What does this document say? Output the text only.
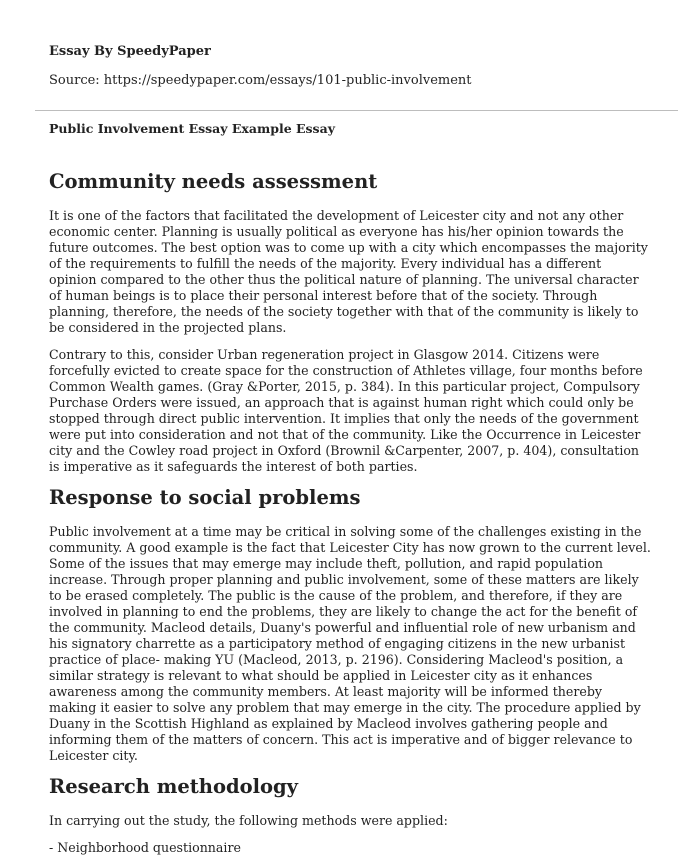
Essay By SpeedyPaper

Source: https://speedypaper.com/essays/101-public-involvement

Public Involvement Essay Example Essay

Community needs assessment

It is one of the factors that facilitated the development of Leicester city and not any other economic center. Planning is usually political as everyone has his/her opinion towards the future outcomes. The best option was to come up with a city which encompasses the majority of the requirements to fulfill the needs of the majority. Every individual has a different opinion compared to the other thus the political nature of planning. The universal character of human beings is to place their personal interest before that of the society. Through planning, therefore, the needs of the society together with that of the community is likely to be considered in the projected plans.

Contrary to this, consider Urban regeneration project in Glasgow 2014. Citizens were forcefully evicted to create space for the construction of Athletes village, four months before Common Wealth games. (Gray &Porter, 2015, p. 384). In this particular project, Compulsory Purchase Orders were issued, an approach that is against human right which could only be stopped through direct public intervention. It implies that only the needs of the government were put into consideration and not that of the community. Like the Occurrence in Leicester city and the Cowley road project in Oxford (Brownil &Carpenter, 2007, p. 404), consultation is imperative as it safeguards the interest of both parties.

Response to social problems

Public involvement at a time may be critical in solving some of the challenges existing in the community. A good example is the fact that Leicester City has now grown to the current level. Some of the issues that may emerge may include theft, pollution, and rapid population increase. Through proper planning and public involvement, some of these matters are likely to be erased completely. The public is the cause of the problem, and therefore, if they are involved in planning to end the problems, they are likely to change the act for the benefit of the community. Macleod details, Duany's powerful and influential role of new urbanism and his signatory charrette as a participatory method of engaging citizens in the new urbanist practice of place- making YU (Macleod, 2013, p. 2196). Considering Macleod's position, a similar strategy is relevant to what should be applied in Leicester city as it enhances awareness among the community members. At least majority will be informed thereby making it easier to solve any problem that may emerge in the city. The procedure applied by Duany in the Scottish Highland as explained by Macleod involves gathering people and informing them of the matters of concern. This act is imperative and of bigger relevance to Leicester city.

Research methodology

In carrying out the study, the following methods were applied:

- Neighborhood questionnaire
